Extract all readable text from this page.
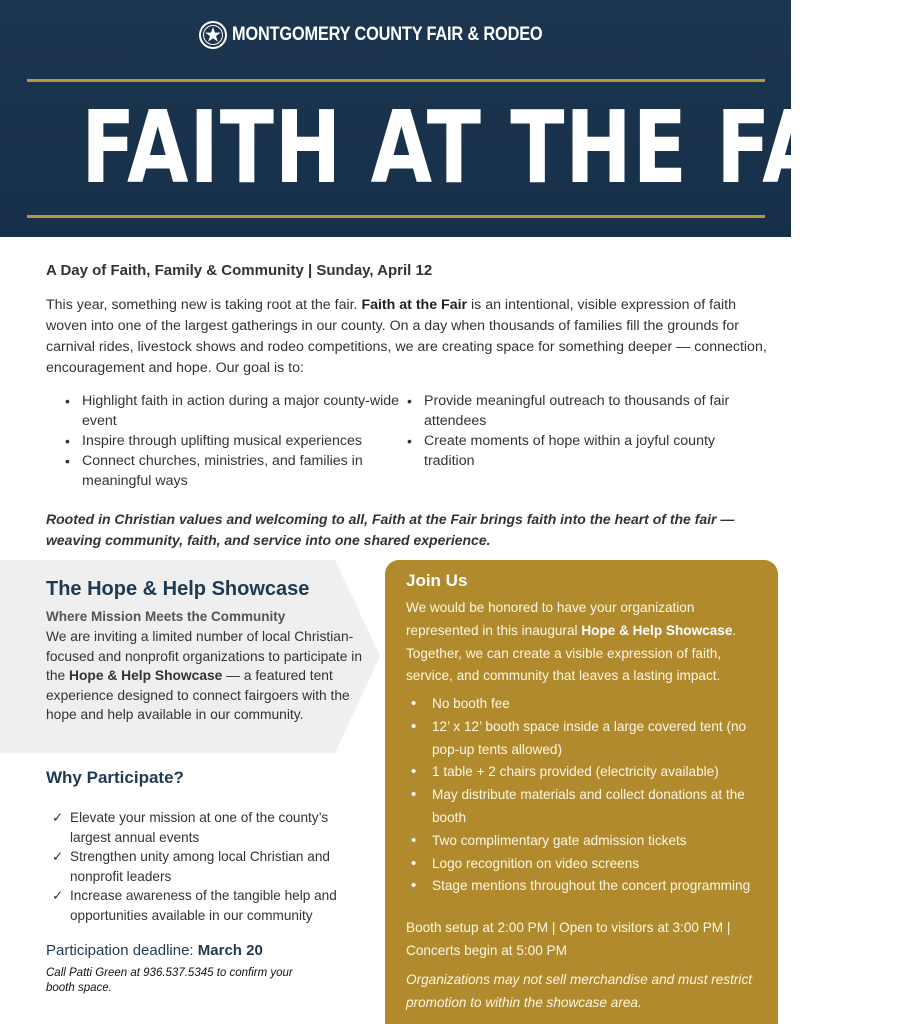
MONTGOMERY COUNTY FAIR & RODEO
FAITH AT THE FAIR
A Day of Faith, Family & Community | Sunday, April 12

This year, something new is taking root at the fair. Faith at the Fair is an intentional, visible expression of faith woven into one of the largest gatherings in our county. On a day when thousands of families fill the grounds for carnival rides, livestock shows and rodeo competitions, we are creating space for something deeper — connection, encouragement and hope. Our goal is to:

• Highlight faith in action during a major county-wide event
• Inspire through uplifting musical experiences
• Connect churches, ministries, and families in meaningful ways
• Provide meaningful outreach to thousands of fair attendees
• Create moments of hope within a joyful county tradition

Rooted in Christian values and welcoming to all, Faith at the Fair brings faith into the heart of the fair — weaving community, faith, and service into one shared experience.

The Hope & Help Showcase
Where Mission Meets the Community

We are inviting a limited number of local Christian-focused and nonprofit organizations to participate in the Hope & Help Showcase — a featured tent experience designed to connect fairgoers with the hope and help available in our community.

Why Participate?
✓ Elevate your mission at one of the county’s largest annual events
✓ Strengthen unity among local Christian and nonprofit leaders
✓ Increase awareness of the tangible help and opportunities available in our community
Participation deadline: March 20
Call Patti Green at 936.537.5345 to confirm your booth space.
Join Us

We would be honored to have your organization represented in this inaugural Hope & Help Showcase. Together, we can create a visible expression of faith, service, and community that leaves a lasting impact.

• No booth fee
• 12’ x 12’ booth space inside a large covered tent (no pop-up tents allowed)
• 1 table + 2 chairs provided (electricity available)
• May distribute materials and collect donations at the booth
• Two complimentary gate admission tickets
• Logo recognition on video screens
• Stage mentions throughout the concert programming

Booth setup at 2:00 PM | Open to visitors at 3:00 PM | Concerts begin at 5:00 PM

Organizations may not sell merchandise and must restrict promotion to within the showcase area.
